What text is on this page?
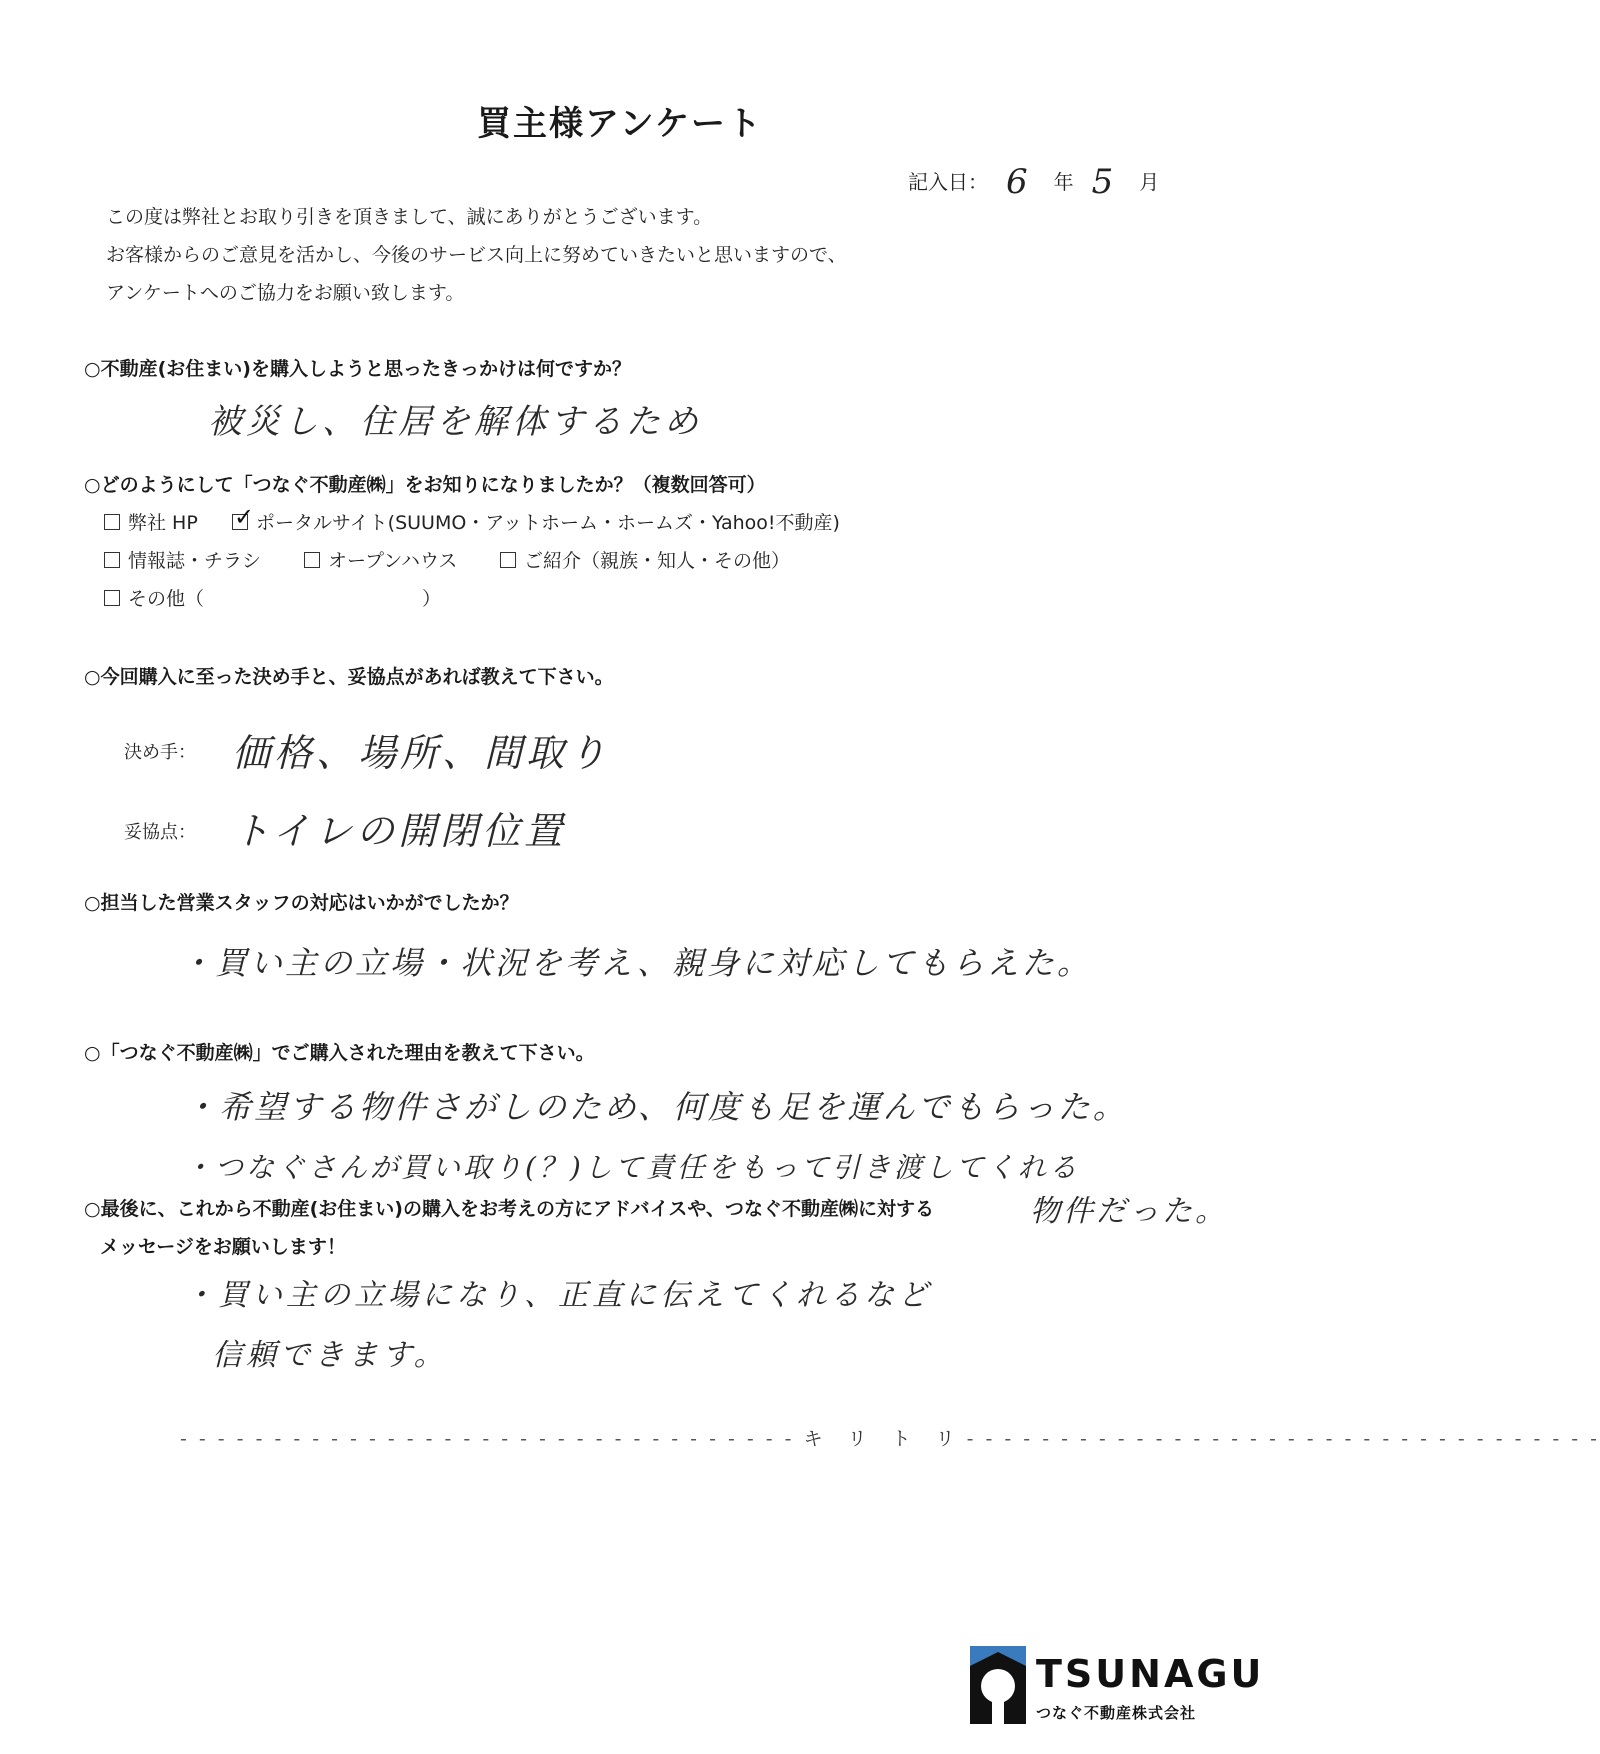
買主様アンケート
記入日： 6 年 5 月
この度は弊社とお取り引きを頂きまして、誠にありがとうございます。
お客様からのご意見を活かし、今後のサービス向上に努めていきたいと思いますので、
アンケートへのご協力をお願い致します。
○不動産(お住まい)を購入しようと思ったきっかけは何ですか？
被災し、住居を解体するため
○どのようにして「つなぐ不動産㈱」をお知りになりましたか？（複数回答可）
弊社 HP
✓	ポータルサイト(SUUMO・アットホーム・ホームズ・Yahoo!不動産)
情報誌・チラシ	オープンハウス	ご紹介（親族・知人・その他）
その他（	）
○今回購入に至った決め手と、妥協点があれば教えて下さい。
決め手： 価格、場所、間取り
妥協点： トイレの開閉位置
○担当した営業スタッフの対応はいかがでしたか？
・買い主の立場・状況を考え、親身に対応してもらえた。
○「つなぐ不動産㈱」でご購入された理由を教えて下さい。
・希望する物件さがしのため、何度も足を運んでもらった。
・つなぐさんが買い取り(？)して責任をもって引き渡してくれる
物件だった。
○最後に、これから不動産(お住まい)の購入をお考えの方にアドバイスや、つなぐ不動産㈱に対する
メッセージをお願いします！
・買い主の立場になり、正直に伝えてくれるなど
信頼できます。
- - - - - - - - - - - - - - - - - - - - - - - - - - - - - - - - - キ　リ　ト　リ - - - - - - - - - - - - - - - - - - - - - - - - - - - - - - - - - -
TSUNAGU
つなぐ不動産株式会社
